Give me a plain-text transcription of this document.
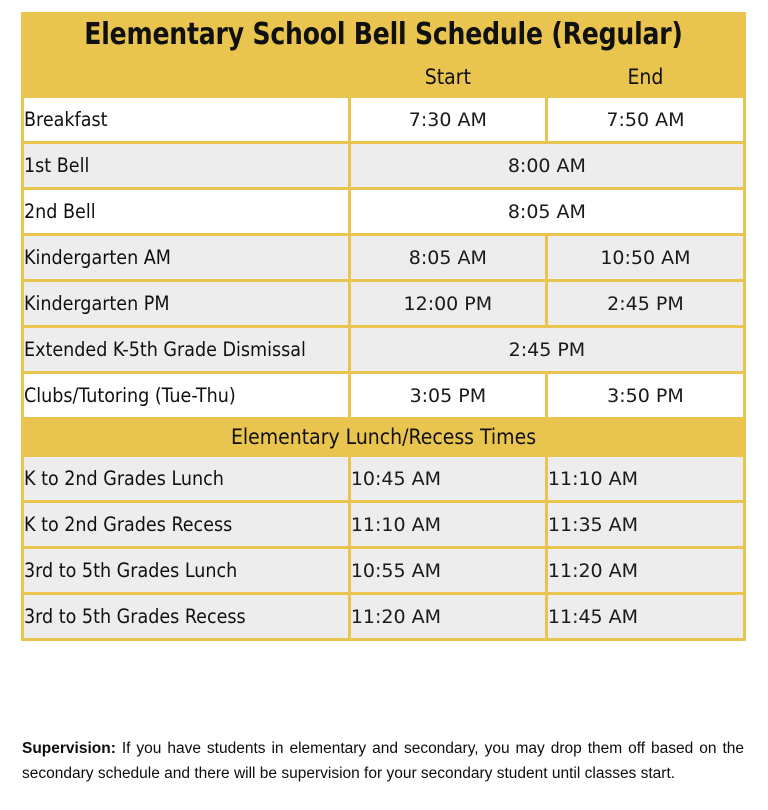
Elementary School Bell Schedule (Regular)
	Start	End
Breakfast	7:30 AM	7:50 AM
1st Bell	8:00 AM	
2nd Bell	8:05 AM	
Kindergarten AM	8:05 AM	10:50 AM
Kindergarten PM	12:00 PM	2:45 PM
Extended K-5th Grade Dismissal	2:45 PM	
Clubs/Tutoring (Tue-Thu)	3:05 PM	3:50 PM
Elementary Lunch/Recess Times		
K to 2nd Grades Lunch	10:45 AM	11:10 AM
K to 2nd Grades Recess	11:10 AM	11:35 AM
3rd to 5th Grades Lunch	10:55 AM	11:20 AM
3rd to 5th Grades Recess	11:20 AM	11:45 AM
Supervision: If you have students in elementary and secondary, you may drop them off based on the secondary schedule and there will be supervision for your secondary student until classes start.
